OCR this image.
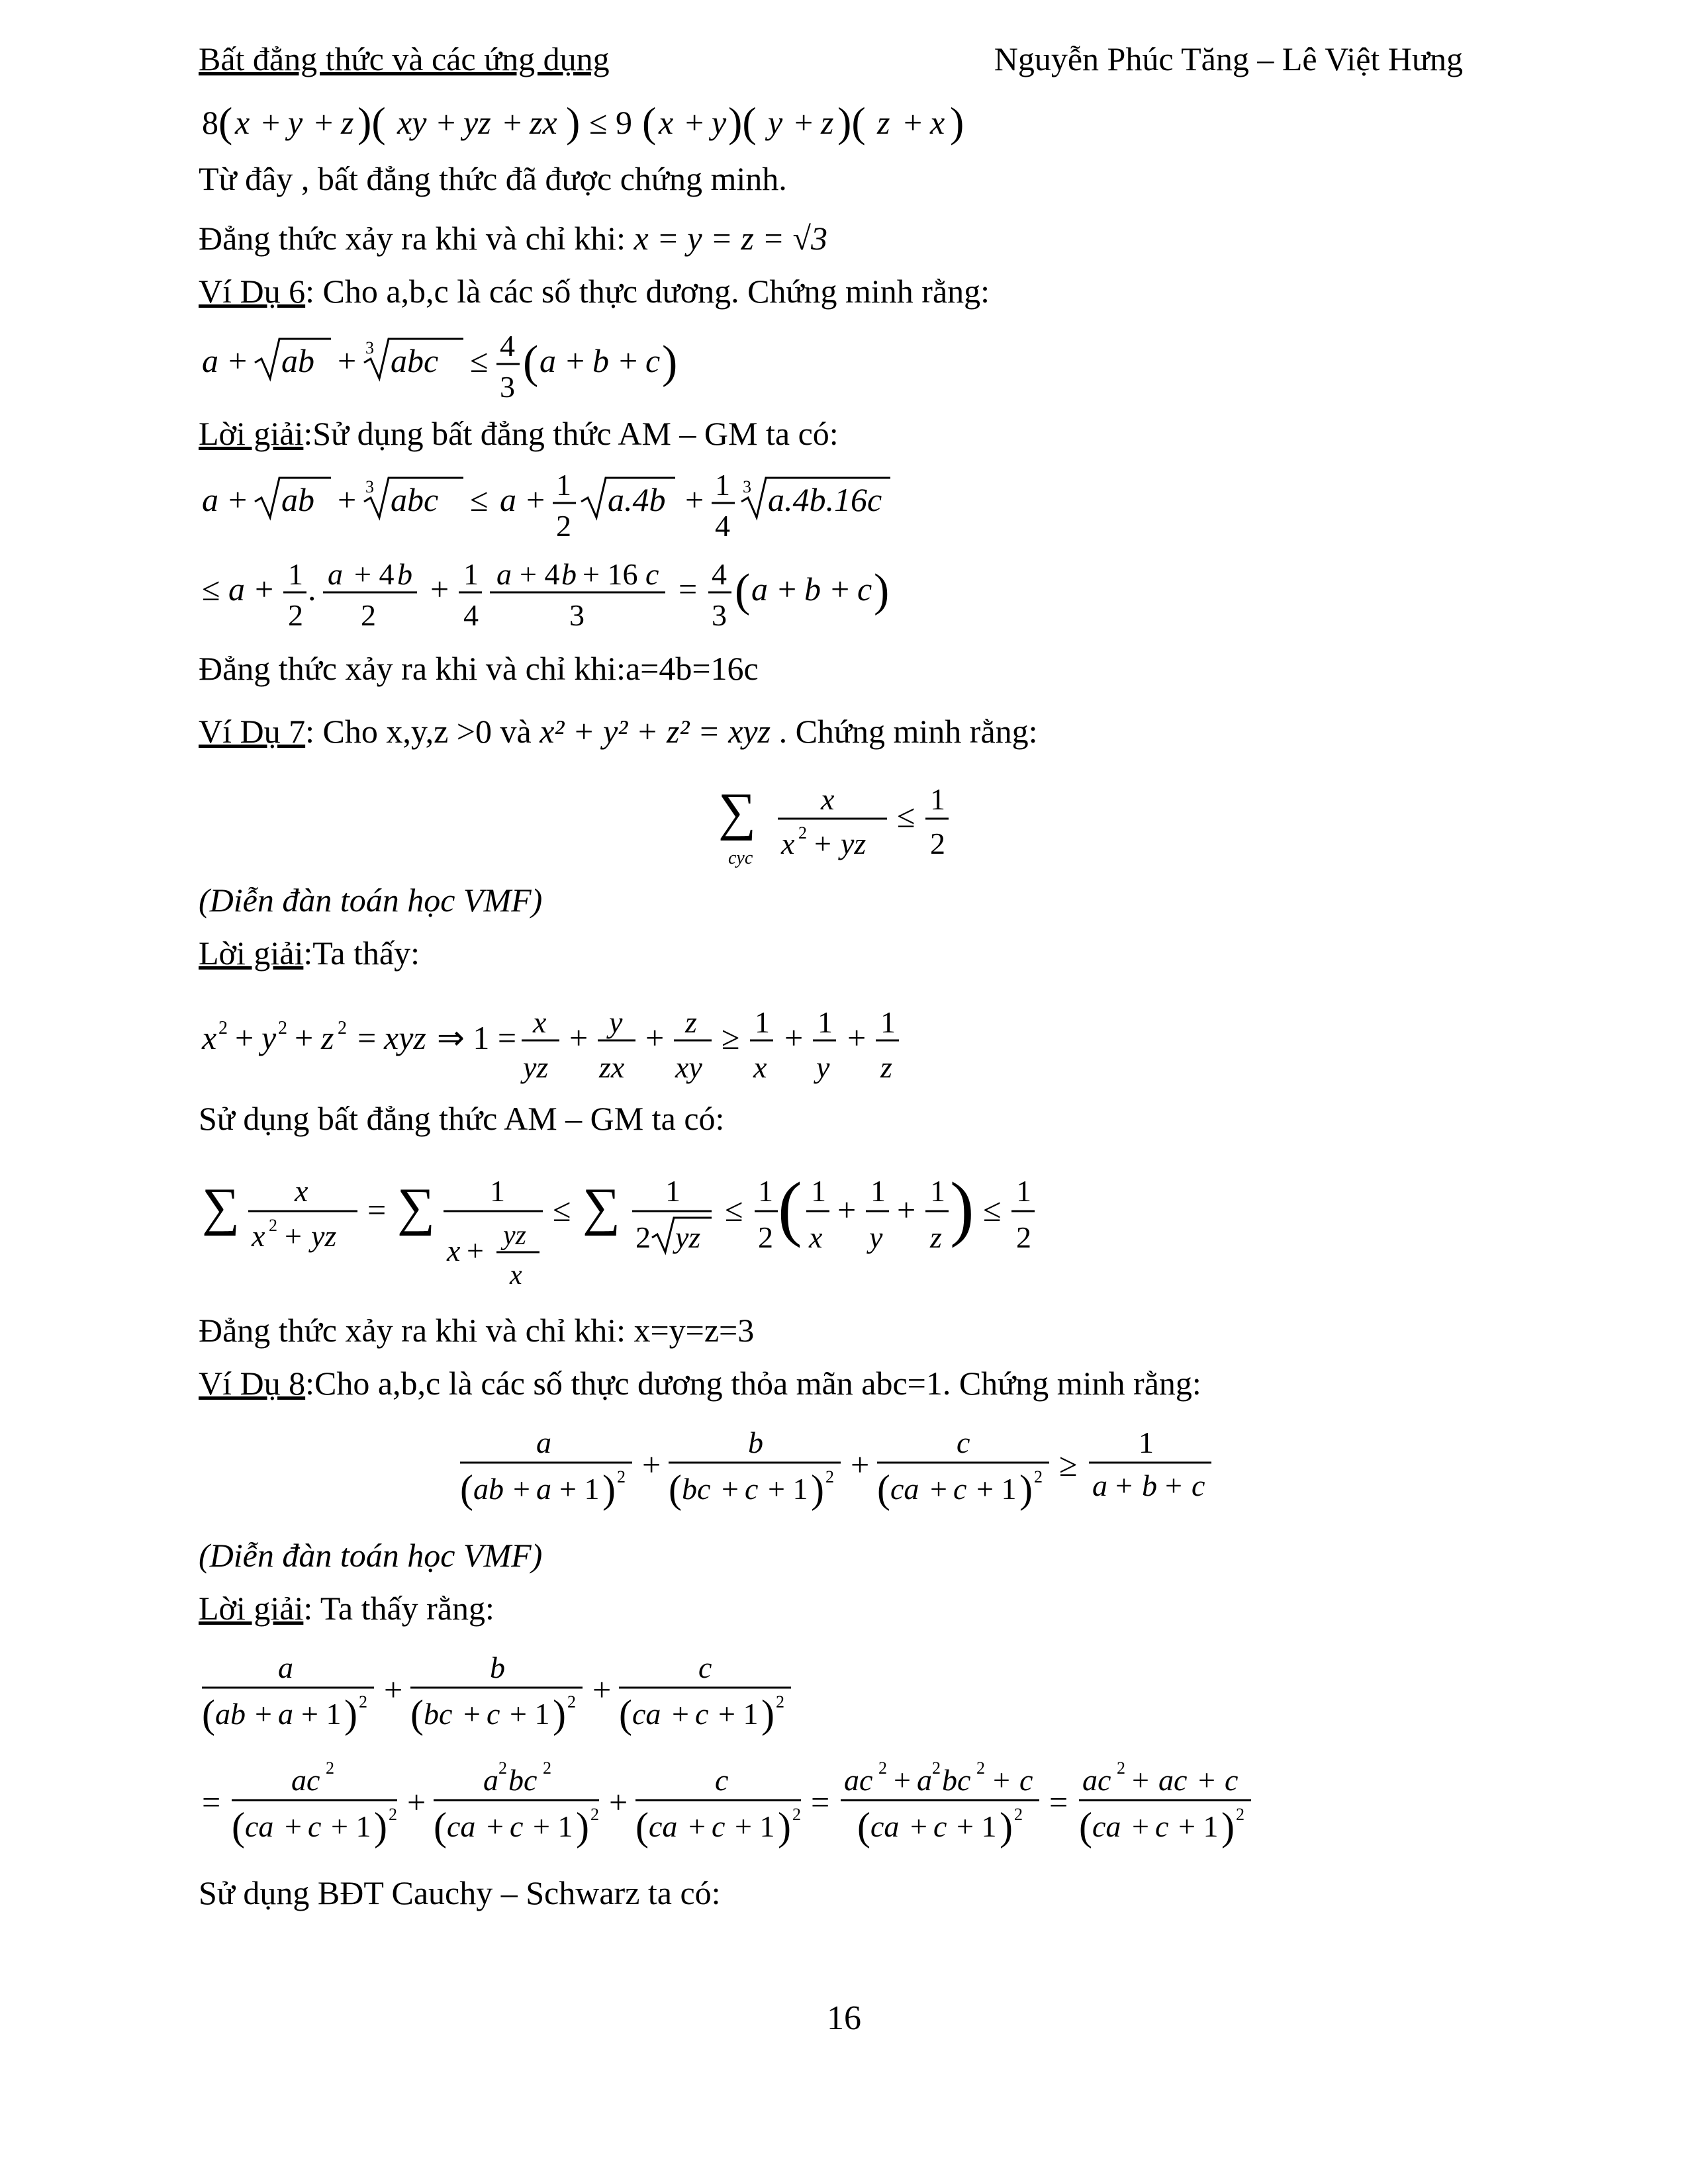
Bất đẳng thức và các ứng dụng	Nguyễn Phúc Tăng – Lê Việt Hưng
8 ( x + y + z )( xy + yz + zx ) ≤ 9 ( x + y )( y + z )( z + x )
Từ đây , bất đẳng thức đã được chứng minh.
Đẳng thức xảy ra khi và chỉ khi: x = y = z = √3
Ví Dụ 6: Cho a,b,c là các số thực dương. Chứng minh rằng:
a + ab + 3 abc ≤ 4
3 ( a + b + c )
Lời giải:Sử dụng bất đẳng thức AM – GM ta có:
a + ab + 3 abc ≤ a + 1
2
a.4b + 1
4
3 a.4b.16c
≤ a + 1
2
. a + 4 b
2
+ 1
4
a + 4 b + 16 c
3
= 4
3 ( a + b + c )
Đẳng thức xảy ra khi và chỉ khi:a=4b=16c
Ví Dụ 7: Cho x,y,z >0 và x² + y² + z² = xyz . Chứng minh rằng:
∑
cyc
x
x 2 + yz
≤ 1
2
(Diễn đàn toán học VMF)
Lời giải:Ta thấy:
x 2 + y 2 + z 2 = xyz ⇒ 1 = x
yz
+ y
zx
+ z
xy
≥ 1
x
+ 1
y
+ 1
z
Sử dụng bất đẳng thức AM – GM ta có:
∑ x
x 2 + yz
= ∑ 1
x + yz
x
≤ ∑ 1
2 yz
≤
1
2 ( 1
x
+
1
y
+
1
z ) ≤
1
2
Đẳng thức xảy ra khi và chỉ khi: x=y=z=3
Ví Dụ 8:Cho a,b,c là các số thực dương thỏa mãn abc=1. Chứng minh rằng:
a
( ab + a + 1 ) 2 +
b
( bc + c + 1 ) 2 +
c
( ca + c + 1 ) 2 ≥
1
a + b + c
(Diễn đàn toán học VMF)
Lời giải: Ta thấy rằng:
a
( ab + a + 1 ) 2 +
b
( bc + c + 1 ) 2 +
c
( ca + c + 1 ) 2
=
ac 2
( ca + c + 1 ) 2 +
a 2 bc 2
( ca + c + 1 ) 2 +
c
( ca + c + 1 ) 2 =
ac 2 + a 2 bc 2 + c
( ca + c + 1 ) 2 =
ac 2 + ac + c
( ca + c + 1 ) 2
Sử dụng BĐT Cauchy – Schwarz ta có:
16
